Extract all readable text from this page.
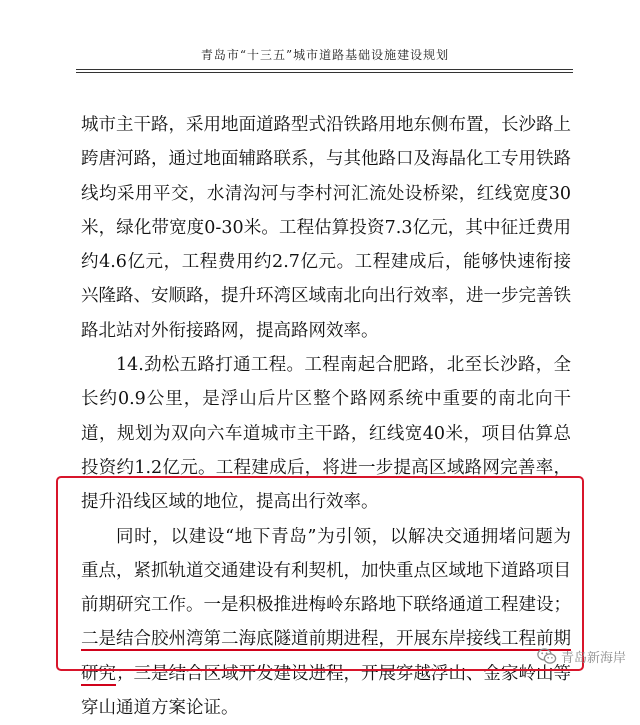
青岛市“十三五”城市道路基础设施建设规划

城市主干路，采用地面道路型式沿铁路用地东侧布置，长沙路上跨唐河路，通过地面辅路联系，与其他路口及海晶化工专用铁路线均采用平交，水清沟河与李村河汇流处设桥梁，红线宽度30米，绿化带宽度0-30米。工程估算投资7.3亿元，其中征迁费用约4.6亿元，工程费用约2.7亿元。工程建成后，能够快速衔接兴隆路、安顺路，提升环湾区域南北向出行效率，进一步完善铁路北站对外衔接路网，提高路网效率。

14.劲松五路打通工程。工程南起合肥路，北至长沙路，全长约0.9公里，是浮山后片区整个路网系统中重要的南北向干道，规划为双向六车道城市主干路，红线宽40米，项目估算总投资约1.2亿元。工程建成后，将进一步提高区域路网完善率，提升沿线区域的地位，提高出行效率。

同时，以建设“地下青岛”为引领，以解决交通拥堵问题为重点，紧抓轨道交通建设有利契机，加快重点区域地下道路项目前期研究工作。一是积极推进梅岭东路地下联络通道工程建设；二是结合胶州湾第二海底隧道前期进程，开展东岸接线工程前期研究；三是结合区域开发建设进程，开展穿越浮山、金家岭山等穿山通道方案论证。

青岛新海岸
